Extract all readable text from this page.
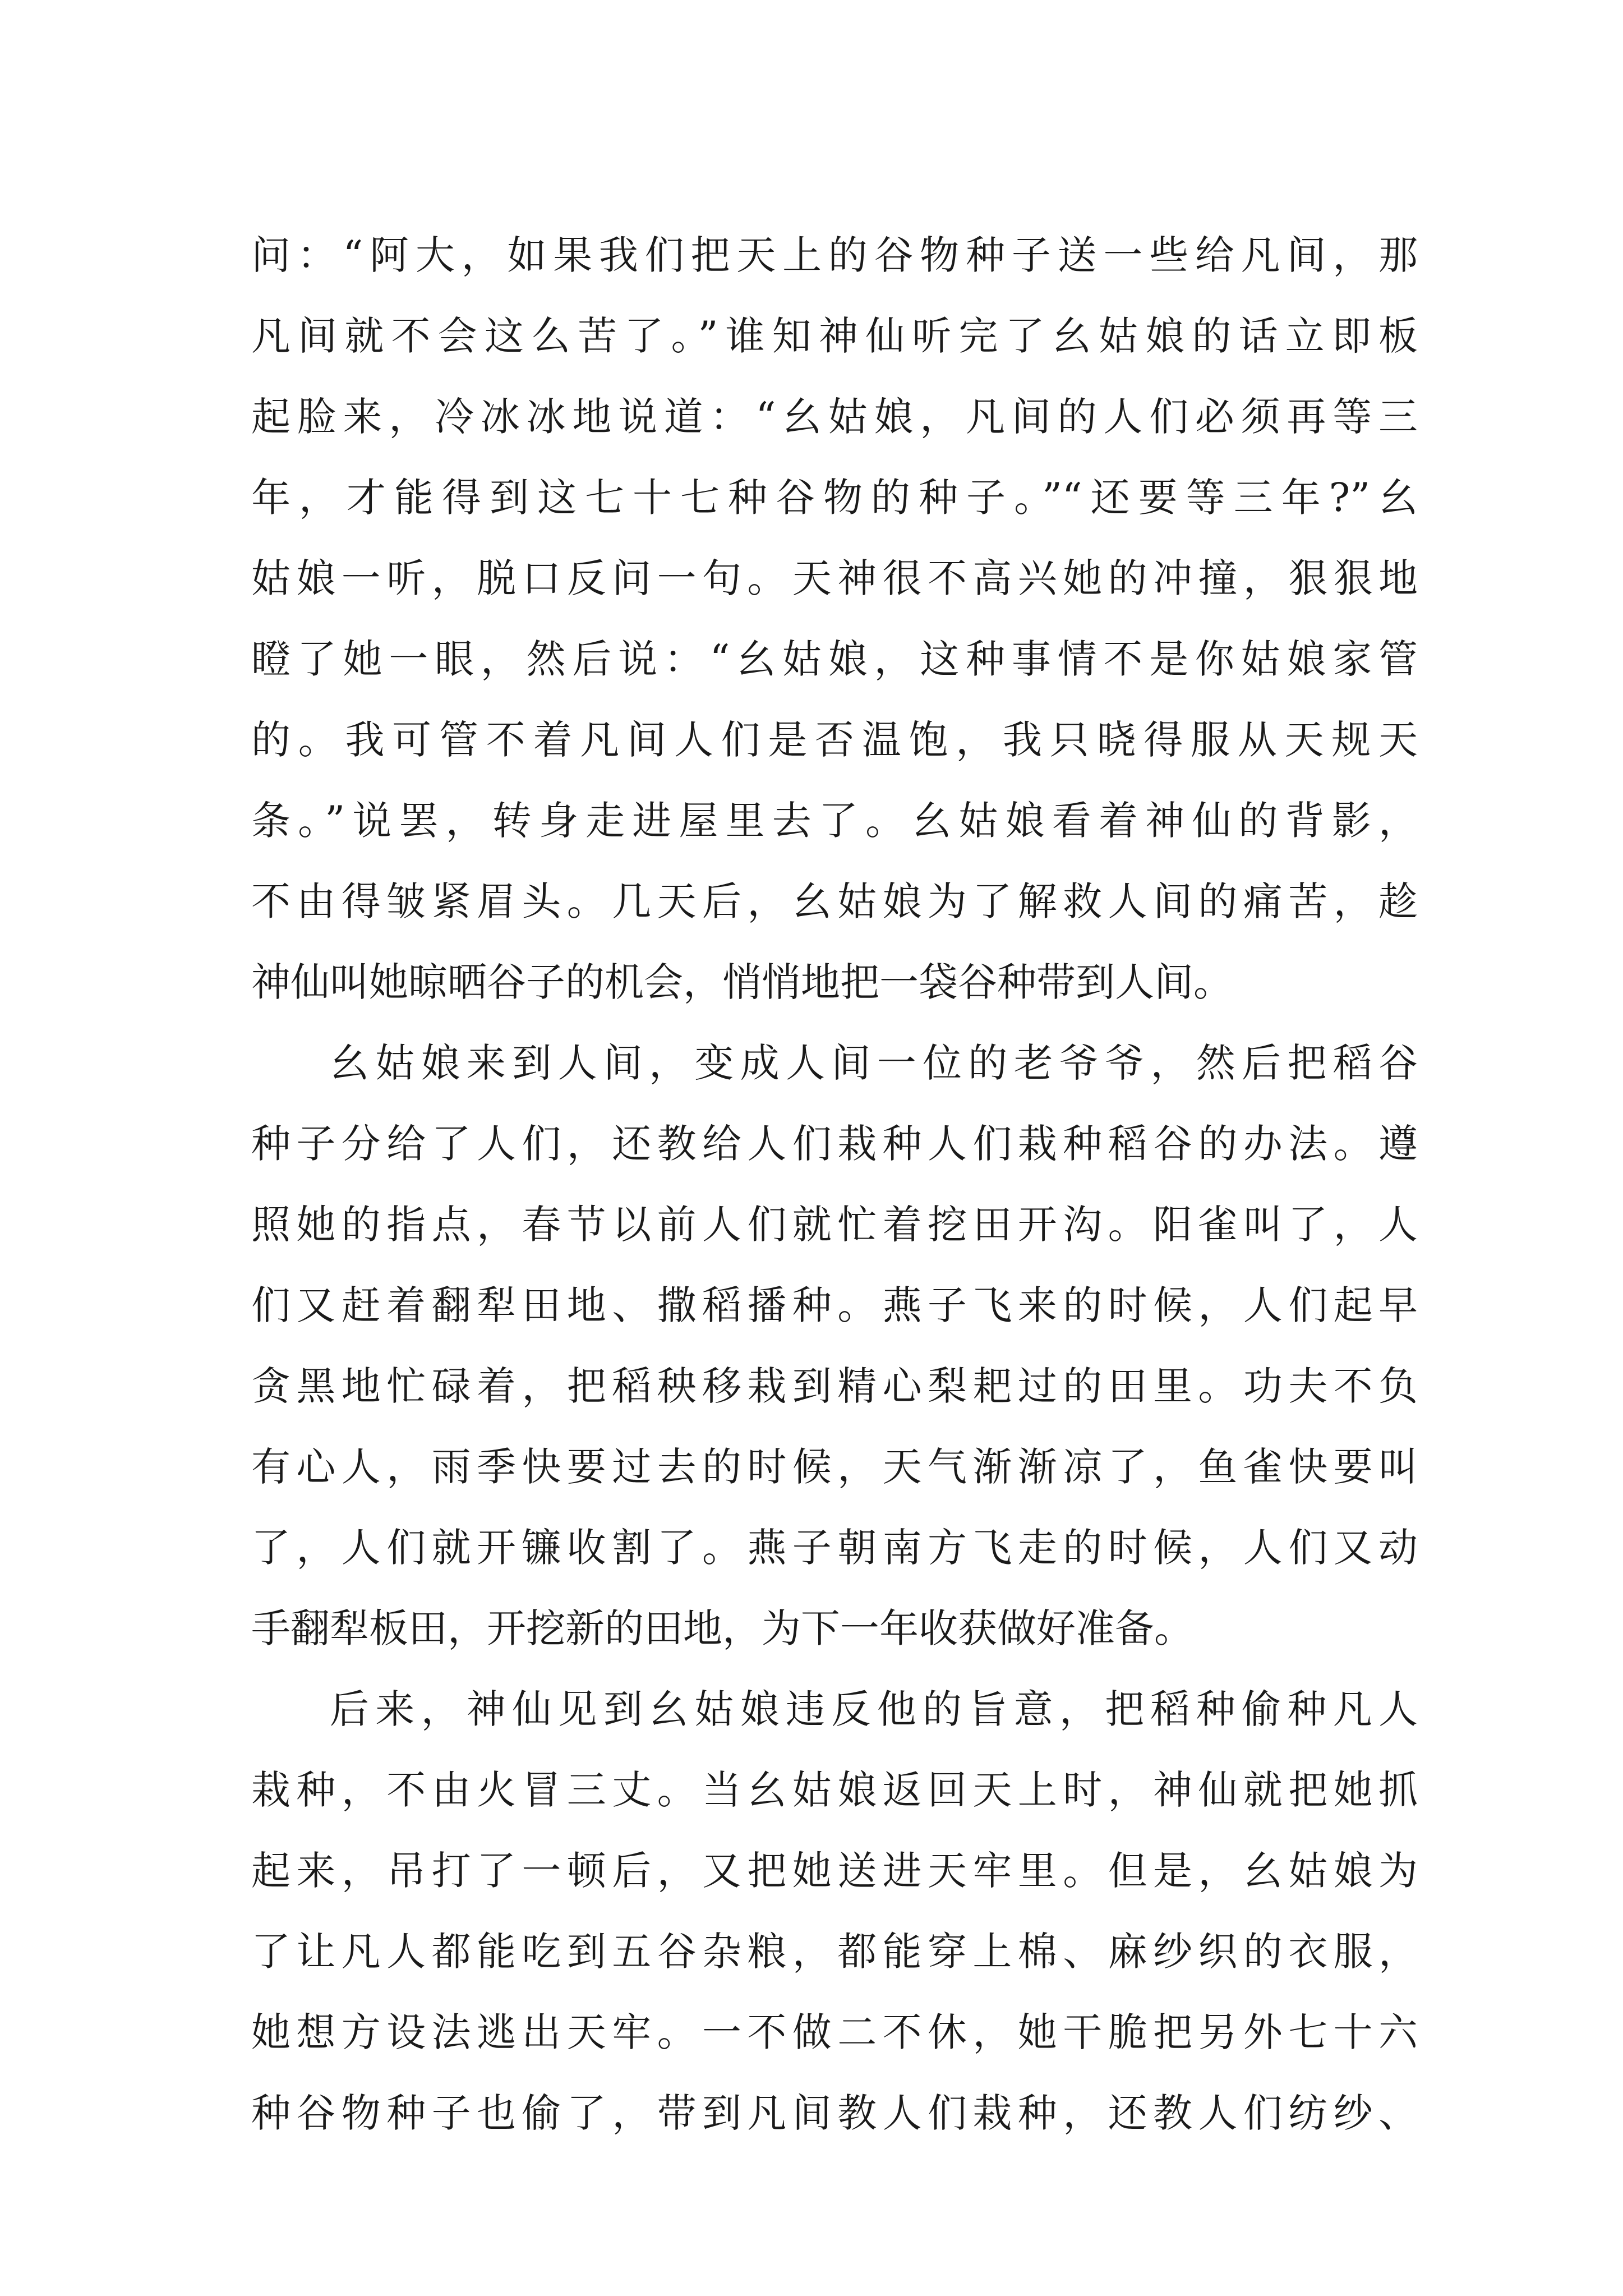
问：“阿大，如果我们把天上的谷物种子送一些给凡间，那
凡间就不会这么苦了。”谁知神仙听完了幺姑娘的话立即板
起脸来，冷冰冰地说道：“幺姑娘，凡间的人们必须再等三
年，才能得到这七十七种谷物的种子。”“还要等三年?”幺
姑娘一听，脱口反问一句。天神很不高兴她的冲撞，狠狠地
瞪了她一眼，然后说：“幺姑娘，这种事情不是你姑娘家管
的。我可管不着凡间人们是否温饱，我只晓得服从天规天
条。”说罢，转身走进屋里去了。幺姑娘看着神仙的背影，
不由得皱紧眉头。几天后，幺姑娘为了解救人间的痛苦，趁
神仙叫她晾晒谷子的机会，悄悄地把一袋谷种带到人间。
幺姑娘来到人间，变成人间一位的老爷爷，然后把稻谷
种子分给了人们，还教给人们栽种人们栽种稻谷的办法。遵
照她的指点，春节以前人们就忙着挖田开沟。阳雀叫了，人
们又赶着翻犁田地、撒稻播种。燕子飞来的时候，人们起早
贪黑地忙碌着，把稻秧移栽到精心梨耙过的田里。功夫不负
有心人，雨季快要过去的时候，天气渐渐凉了，鱼雀快要叫
了，人们就开镰收割了。燕子朝南方飞走的时候，人们又动
手翻犁板田，开挖新的田地，为下一年收获做好准备。
后来，神仙见到幺姑娘违反他的旨意，把稻种偷种凡人
栽种，不由火冒三丈。当幺姑娘返回天上时，神仙就把她抓
起来，吊打了一顿后，又把她送进天牢里。但是，幺姑娘为
了让凡人都能吃到五谷杂粮，都能穿上棉、麻纱织的衣服，
她想方设法逃出天牢。一不做二不休，她干脆把另外七十六
种谷物种子也偷了，带到凡间教人们栽种，还教人们纺纱、
